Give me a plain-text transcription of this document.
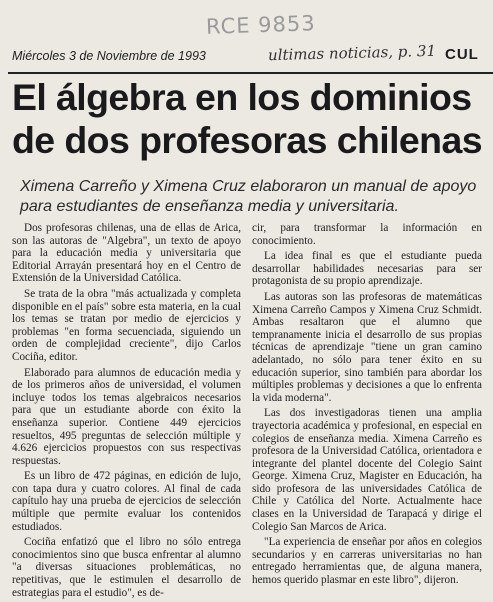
RCE 9853
Miércoles 3 de Noviembre de 1993	ultimas noticias, p. 31 CUL
El álgebra en los dominios de dos profesoras chilenas
Ximena Carreño y Ximena Cruz elaboraron un manual de apoyo para estudiantes de enseñanza media y universitaria.

Dos profesoras chilenas, una de ellas de Arica, son las autoras de "Algebra", un texto de apoyo para la educación media y universitaria que Editorial Arrayán presentará hoy en el Centro de Extensión de la Universidad Católica.

Se trata de la obra "más actualizada y completa disponible en el país" sobre esta materia, en la cual los temas se tratan por medio de ejercicios y problemas "en forma secuenciada, siguiendo un orden de complejidad creciente", dijo Carlos Cociña, editor.

Elaborado para alumnos de educación media y de los primeros años de universidad, el volumen incluye todos los temas algebraicos necesarios para que un estudiante aborde con éxito la enseñanza superior. Contiene 449 ejercicios resueltos, 495 preguntas de selección múltiple y 4.626 ejercicios propuestos con sus respectivas respuestas.

Es un libro de 472 páginas, en edición de lujo, con tapa dura y cuatro colores. Al final de cada capítulo hay una prueba de ejercicios de selección múltiple que permite evaluar los contenidos estudiados.

Cociña enfatizó que el libro no sólo entrega conocimientos sino que busca enfrentar al alumno "a diversas situaciones problemáticas, no repetitivas, que le estimulen el desarrollo de estrategias para el estudio", es de-

cir, para transformar la información en conocimiento.

La idea final es que el estudiante pueda desarrollar habilidades necesarias para ser protagonista de su propio aprendizaje.

Las autoras son las profesoras de matemáticas Ximena Carreño Campos y Ximena Cruz Schmidt. Ambas resaltaron que el alumno que tempranamente inicia el desarrollo de sus propias técnicas de aprendizaje "tiene un gran camino adelantado, no sólo para tener éxito en su educación superior, sino también para abordar los múltiples problemas y decisiones a que lo enfrenta la vida moderna".

Las dos investigadoras tienen una amplia trayectoria académica y profesional, en especial en colegios de enseñanza media. Ximena Carreño es profesora de la Universidad Católica, orientadora e integrante del plantel docente del Colegio Saint George. Ximena Cruz, Magister en Educación, ha sido profesora de las universidades Católica de Chile y Católica del Norte. Actualmente hace clases en la Universidad de Tarapacá y dirige el Colegio San Marcos de Arica.

"La experiencia de enseñar por años en colegios secundarios y en carreras universitarias no han entregado herramientas que, de alguna manera, hemos querido plasmar en este libro", dijeron.
